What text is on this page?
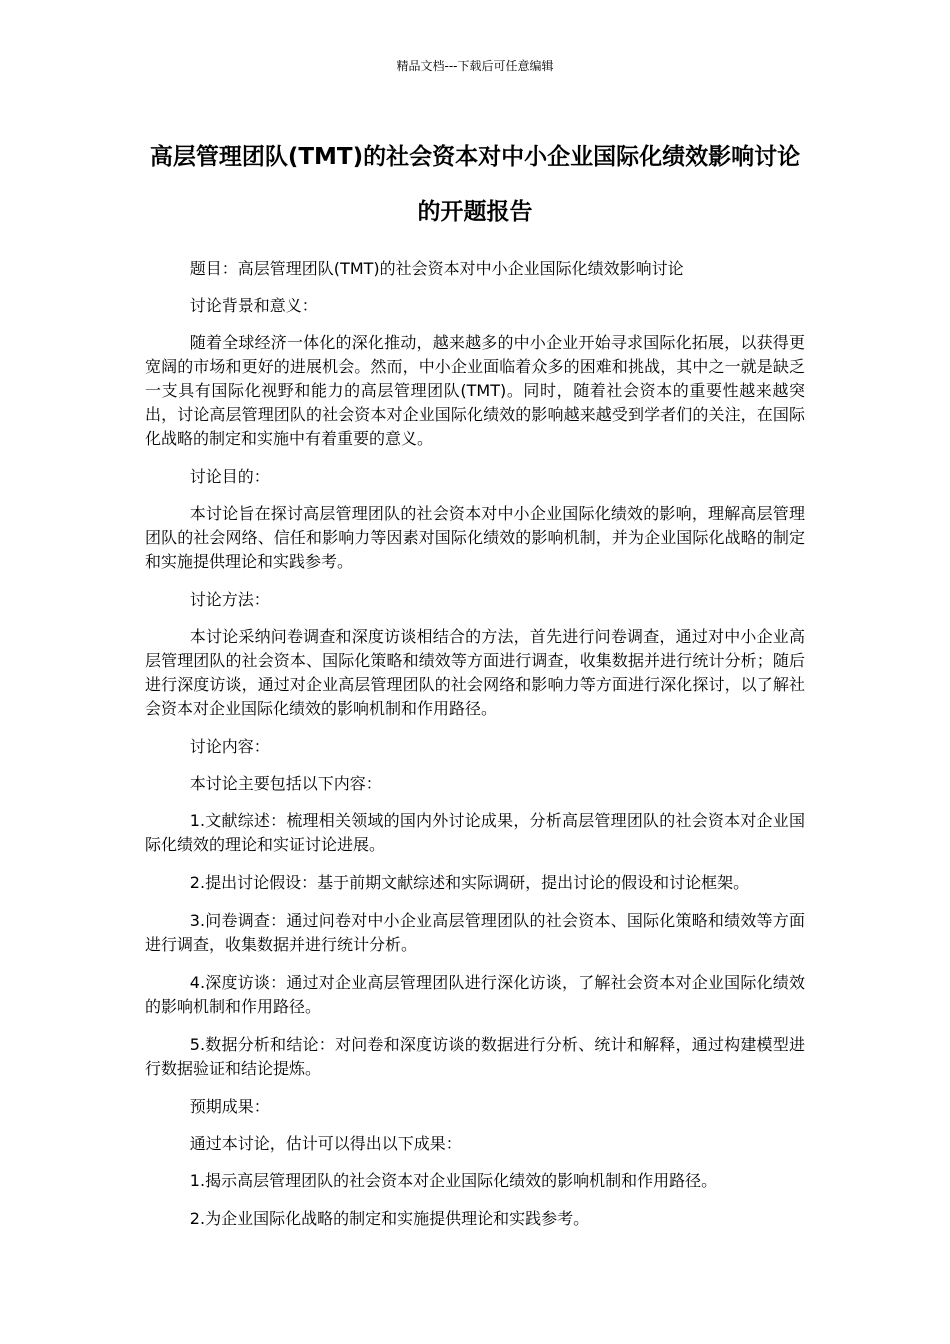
精品文档---下载后可任意编辑
高层管理团队(TMT)的社会资本对中小企业国际化绩效影响讨论的开题报告

题目：高层管理团队(TMT)的社会资本对中小企业国际化绩效影响讨论

讨论背景和意义：

随着全球经济一体化的深化推动，越来越多的中小企业开始寻求国际化拓展，以获得更宽阔的市场和更好的进展机会。然而，中小企业面临着众多的困难和挑战，其中之一就是缺乏一支具有国际化视野和能力的高层管理团队(TMT)。同时，随着社会资本的重要性越来越突出，讨论高层管理团队的社会资本对企业国际化绩效的影响越来越受到学者们的关注，在国际化战略的制定和实施中有着重要的意义。

讨论目的：

本讨论旨在探讨高层管理团队的社会资本对中小企业国际化绩效的影响，理解高层管理团队的社会网络、信任和影响力等因素对国际化绩效的影响机制，并为企业国际化战略的制定和实施提供理论和实践参考。

讨论方法：

本讨论采纳问卷调查和深度访谈相结合的方法，首先进行问卷调查，通过对中小企业高层管理团队的社会资本、国际化策略和绩效等方面进行调查，收集数据并进行统计分析；随后进行深度访谈，通过对企业高层管理团队的社会网络和影响力等方面进行深化探讨，以了解社会资本对企业国际化绩效的影响机制和作用路径。

讨论内容：

本讨论主要包括以下内容：

1.文献综述：梳理相关领域的国内外讨论成果，分析高层管理团队的社会资本对企业国际化绩效的理论和实证讨论进展。

2.提出讨论假设：基于前期文献综述和实际调研，提出讨论的假设和讨论框架。

3.问卷调查：通过问卷对中小企业高层管理团队的社会资本、国际化策略和绩效等方面进行调查，收集数据并进行统计分析。

4.深度访谈：通过对企业高层管理团队进行深化访谈，了解社会资本对企业国际化绩效的影响机制和作用路径。

5.数据分析和结论：对问卷和深度访谈的数据进行分析、统计和解释，通过构建模型进行数据验证和结论提炼。

预期成果：

通过本讨论，估计可以得出以下成果：

1.揭示高层管理团队的社会资本对企业国际化绩效的影响机制和作用路径。

2.为企业国际化战略的制定和实施提供理论和实践参考。
